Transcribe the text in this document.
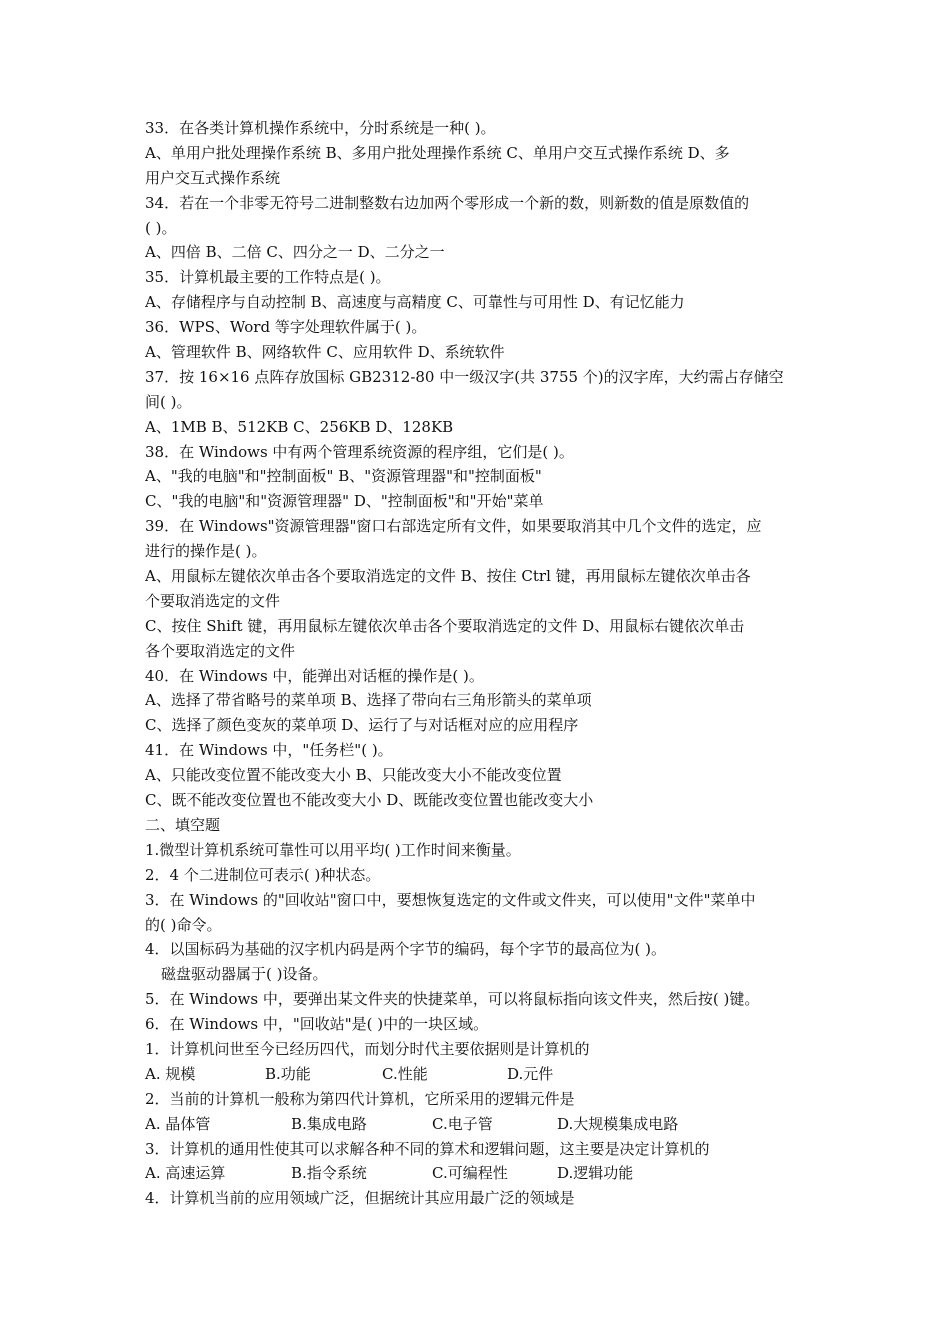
33．在各类计算机操作系统中，分时系统是一种( )。
A、单用户批处理操作系统 B、多用户批处理操作系统 C、单用户交互式操作系统 D、多
用户交互式操作系统
34．若在一个非零无符号二进制整数右边加两个零形成一个新的数，则新数的值是原数值的
( )。
A、四倍 B、二倍 C、四分之一 D、二分之一
35．计算机最主要的工作特点是( )。
A、存储程序与自动控制 B、高速度与高精度 C、可靠性与可用性 D、有记忆能力
36．WPS、Word 等字处理软件属于( )。
A、管理软件 B、网络软件 C、应用软件 D、系统软件
37．按 16×16 点阵存放国标 GB2312-80 中一级汉字(共 3755 个)的汉字库，大约需占存储空
间( )。
A、1MB B、512KB C、256KB D、128KB
38．在 Windows 中有两个管理系统资源的程序组，它们是( )。
A、"我的电脑"和"控制面板" B、"资源管理器"和"控制面板"
C、"我的电脑"和"资源管理器" D、"控制面板"和"开始"菜单
39．在 Windows"资源管理器"窗口右部选定所有文件，如果要取消其中几个文件的选定，应
进行的操作是( )。
A、用鼠标左键依次单击各个要取消选定的文件 B、按住 Ctrl 键，再用鼠标左键依次单击各
个要取消选定的文件
C、按住 Shift 键，再用鼠标左键依次单击各个要取消选定的文件 D、用鼠标右键依次单击
各个要取消选定的文件
40．在 Windows 中，能弹出对话框的操作是( )。
A、选择了带省略号的菜单项 B、选择了带向右三角形箭头的菜单项
C、选择了颜色变灰的菜单项 D、运行了与对话框对应的应用程序
41．在 Windows 中，"任务栏"( )。
A、只能改变位置不能改变大小 B、只能改变大小不能改变位置
C、既不能改变位置也不能改变大小 D、既能改变位置也能改变大小
二、填空题
1.微型计算机系统可靠性可以用平均( )工作时间来衡量。
2．4 个二进制位可表示( )种状态。
3．在 Windows 的"回收站"窗口中，要想恢复选定的文件或文件夹，可以使用"文件"菜单中
的( )命令。
4．以国标码为基础的汉字机内码是两个字节的编码，每个字节的最高位为( )。
磁盘驱动器属于( )设备。
5．在 Windows 中，要弹出某文件夹的快捷菜单，可以将鼠标指向该文件夹，然后按( )键。
6．在 Windows 中，"回收站"是( )中的一块区域。
1．计算机问世至今已经历四代，而划分时代主要依据则是计算机的
A. 规模	B.功能	C.性能	D.元件
2．当前的计算机一般称为第四代计算机，它所采用的逻辑元件是
A. 晶体管	B.集成电路	C.电子管	D.大规模集成电路
3．计算机的通用性使其可以求解各种不同的算术和逻辑问题，这主要是决定计算机的
A. 高速运算	B.指令系统	C.可编程性	D.逻辑功能
4．计算机当前的应用领域广泛，但据统计其应用最广泛的领域是
